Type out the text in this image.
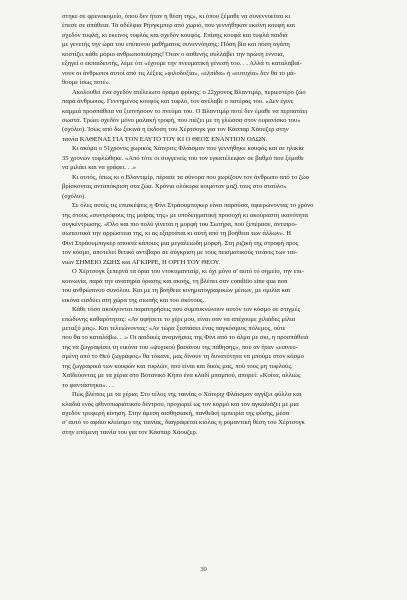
στηκε σε φρενοκομείο, όπου δεν ήταν η θέση της», κι όπου ξέμαθε να συνεννοείται κι
έπεσε σε απάθεια. Τα αδέλφια Ρήνγκμπερ από χωριό, που γεννήθηκαν εκείνη κουφή και
σχεδόν τυφλή, κι εκείνος τυφλός και σχεδόν κουφός. Επίσης κουφά και τυφλά παιδιά
με γενετής την ώρα του επίπονου μαθήματος συνεννόησης: Πόση βία και πόση αγάπη
κοστίζει κάθε μόριο ανθρωποποίησης! Όταν ο ασθενής συλλάβει την πρώτη έννοια,
εξηγεί ο εκπαιδευτής, λέμε ότι «έχουμε την πνευματική γένεσή του. . . Αλλά τι καταλαβαί-
νουν οι άνθρωποι αυτοί από τις λέξεις «φιλοδοξία», «ελπίδα» ή «ευτυχία» δεν θα το μά-
θουμε ίσως ποτέ».
Ακολουθεί ένα σχεδόν ατέλειωτο όραμα φρίκης: ο 22χρονος Βλαντιμίρ, περιεστέρο ζώο
παρά άνθρωπος. Γεννημένος κουφός και τυφλό, τον ανέλαβε ο πατέρας του. «Δεν έγινε
καμμιά προσπάθεια να ξυπνήσουν το πνεύμα του. Ο Βλαντιμίρ ποτέ δεν έμαθε να περπατάει
σωστά. Τρώει σχεδόν μόνο μαλακή τροφή, που πιέζει με τη γλώσσα στον ουρανίσκο του»
(σχόλιο). Ίσως από δω ξεκινά η έκδοση του Χέρτσογκ για τον Κάσπαρ Χάουζερ στην
ταινία ΚΑΘΕΝΑΣ ΓΙΑ ΤΟΝ ΕΑΥΤΟ ΤΟΥ ΚΙ Ο ΘΕΟΣ ΕΝΑΝΤΙΟΝ ΟΛΩΝ.
Κι ακόμα ο 51χρονος χωρικός Χάινριτς Φλάισμαν που γεννήθηκε κουφός και σε ηλικία
35 χρονών τυφλώθηκε. «Από τότε οι συγγενείς του τον εγκατέλειψαν σε βαθμό που ξέμαθε
να μιλάει και να γράφει. . .»
Κι αυτός, όπως κι ο Βλαντιμίρ, πέρασε τα σύνορα που χωρίζουν τον άνθρωπο από το ζώο
βρίσκοντας ανταπόκριση στα ζώα. Χρόνια ολόκερα κοιμόταν μαζί τους στο σταύλο»
(σχόλιο).
Σε όλες αυτές τις επισκέψεις η Φίνι Στράουμπιγκερ είναι παρούσα, αφιερώνοντας το χρόνο
της στους «συντρόφους της μοίρας της» με υποδειγματική προσοχή κι ακούραστη ικανότητα
συγκέντρωσης. «Όλο και πιο πολύ γίνεται η μορφή του Σωτήρα, που ξεπέρασε, αντιπρο-
σωπευτικά την αρρώστεια της, κι ας εξαρτάται κι αυτή από τη βοήθεια των άλλων». Η
Φίνι Στράουμπιγκερ αποκτά κάποιες μια μεγαλειώδη μορφή. Στη ριζική της στροφή προς
τον κόσμο, αποτελεί θετικό αντίβαρο σε σύγκριση με τους πεισματικούς τιτάνες των ται-
νιών ΣΗΜΕΙΟ ΖΩΗΣ και ΑΓΚΙΡΡΕ, Η ΟΡΓΗ ΤΟΥ ΘΕΟΥ.
Ο Χέρτσογκ ξεπερνά τα όρια του ντοκυμανταίρ, κι όχι μόνο σ' αυτό το σημείο, την επι-
κοινωνία, παρά την αναπηρία όρασης και ακοής, τη βλέπει σαν conditio sine qua non
του ανθρώπινου συνόλου. Και με τη βοήθεια κινηματογραφικών μέσων, με ομιλία και
εικόνα εισδύει στη χώρα της σιωπής και του σκότους.
Κάθε τόσο ακούγονται παρατηρήσεις που συμπυκνώνουν αυτόν τον κόσμο σε στιγμές
επώδυνης καθαρότητας: «Αν αφήσετε το χέρι μου, είναι σαν να απέχουμε χιλιάδες μίλια
μεταξύ μας». Και τελειώνοντας: «Αν τώρα ξεσπάσει ένας παγκόσμιος πόλεμος, ούτε
που θα το καταλάβω. . .» Οι παιδικές αναμνήσεις της Φίνι από το άλμα με σκι, η προσπάθειά
της να ζωγραφίσει τη εικόνα του «ψυχικού βασάνου της πάθησης», που αν ήταν «ειπνευ-
σμένη από το Θεό ζωγράφος» θα τόκανε, μας δίνουν τη δυνατότητα να μπούμε στον κόσμο
της ζωγραφικά των κουφών και τυφλών, πού είναι και δικός μας, πού τους μη τυφλούς.
Χαϊδεύοντας με τα χέρια στο Βοτανικό Κήπο ένα κλαδί μπαμπού, απορεί: «Κοίτα, αλλιώς
το φαντάστηκα». . .
Πώς βλέπεις με τα χέρια; Στο τέλος της ταινίας ο Χάινριχ Φλάισμαν αγγίζει φύλλα και
κλαδιά ενός φθινοπωριάτικου δέντρου, προχωρεί ως τον κορμό και τον αγκαλιάζει με μια
σχεδόν τρυφερή κίνηση. Στην άμεση αισθησιακή, πανθεϊκή εμπειρία της φύσης, μέσα
σ' αυτό το αφάιο κλείσιμο της ταινίας, διαγράφεται κιόλας η ρομαντική θέση του Χέρτσογκ
στην επόμενη ταινία του για τον Κάσπαρ Χάουζερ.
30
